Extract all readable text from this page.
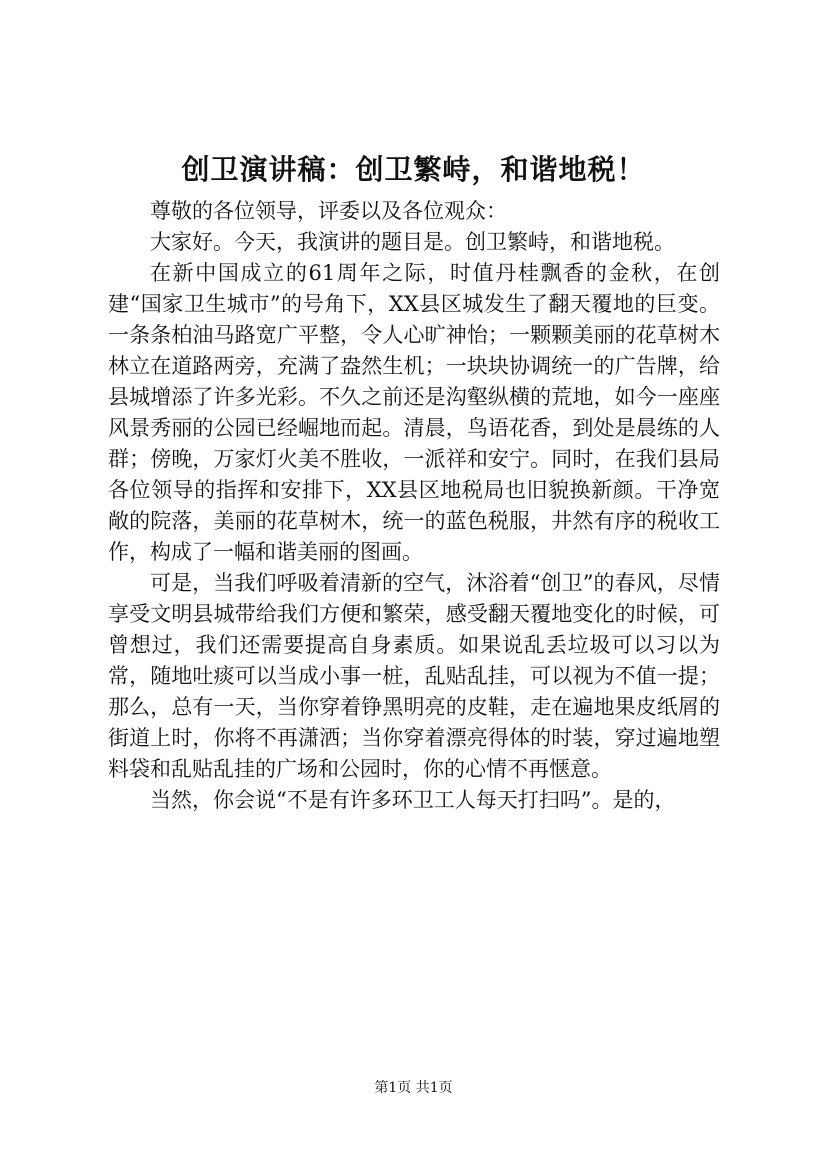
创卫演讲稿：创卫繁峙，和谐地税！

尊敬的各位领导，评委以及各位观众：

大家好。今天，我演讲的题目是。创卫繁峙，和谐地税。

在新中国成立的61周年之际，时值丹桂飘香的金秋，在创建“国家卫生城市”的号角下，XX县区城发生了翻天覆地的巨变。一条条柏油马路宽广平整，令人心旷神怡；一颗颗美丽的花草树木林立在道路两旁，充满了盎然生机；一块块协调统一的广告牌，给县城增添了许多光彩。不久之前还是沟壑纵横的荒地，如今一座座风景秀丽的公园已经崛地而起。清晨，鸟语花香，到处是晨练的人群；傍晚，万家灯火美不胜收，一派祥和安宁。同时，在我们县局各位领导的指挥和安排下，XX县区地税局也旧貌换新颜。干净宽敞的院落，美丽的花草树木，统一的蓝色税服，井然有序的税收工作，构成了一幅和谐美丽的图画。

可是，当我们呼吸着清新的空气，沐浴着“创卫”的春风，尽情享受文明县城带给我们方便和繁荣，感受翻天覆地变化的时候，可曾想过，我们还需要提高自身素质。如果说乱丢垃圾可以习以为常，随地吐痰可以当成小事一桩，乱贴乱挂，可以视为不值一提；那么，总有一天，当你穿着铮黑明亮的皮鞋，走在遍地果皮纸屑的街道上时，你将不再潇洒；当你穿着漂亮得体的时装，穿过遍地塑料袋和乱贴乱挂的广场和公园时，你的心情不再惬意。

当然，你会说“不是有许多环卫工人每天打扫吗”。是的，

第1页 共1页
